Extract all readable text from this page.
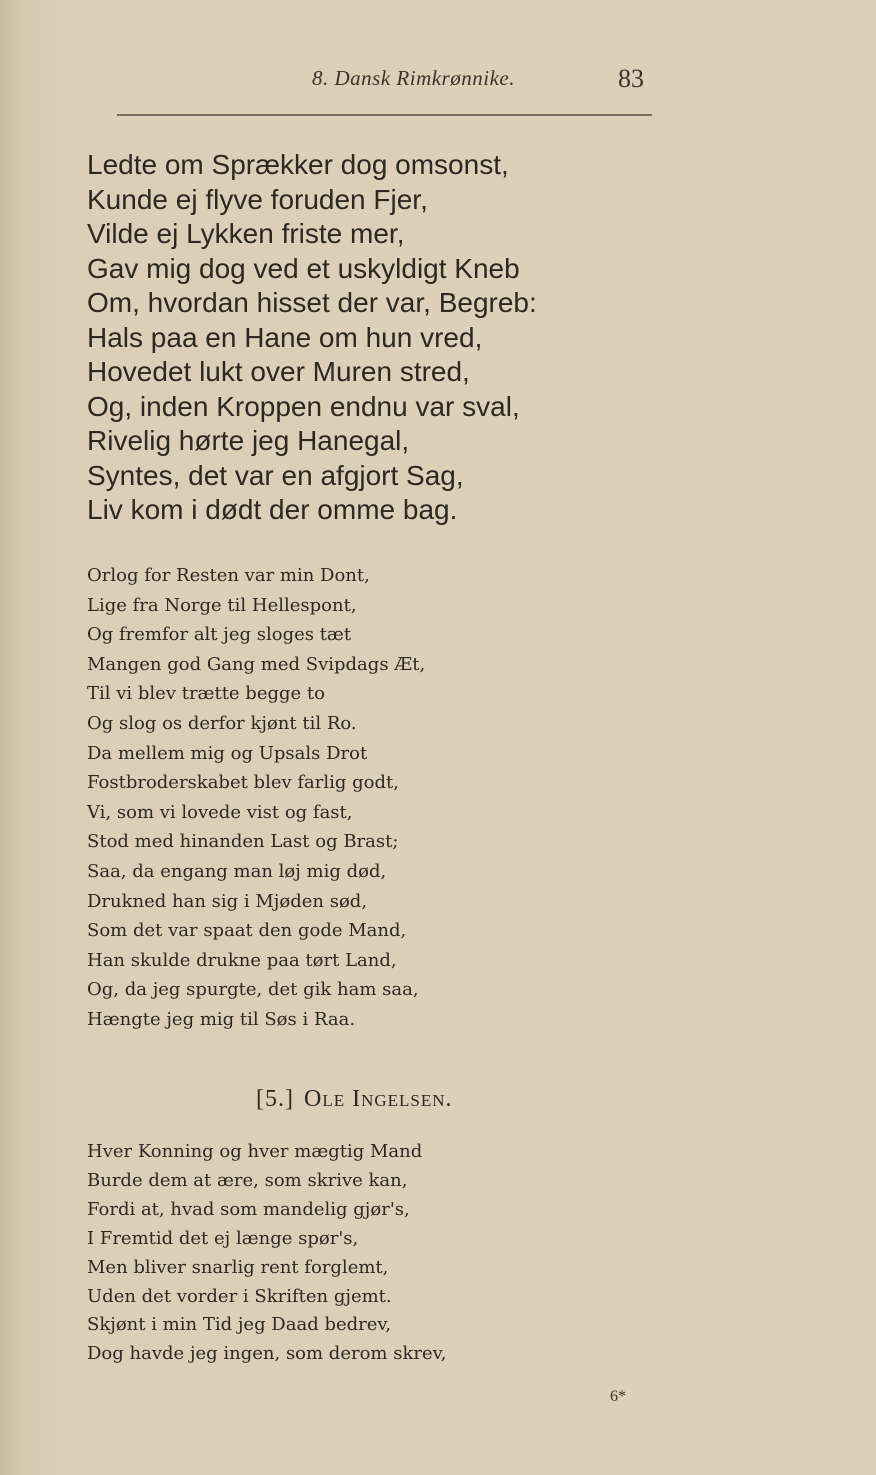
8. Dansk Rimkrønnike.	83
Ledte om Sprækker dog omsonst,
Kunde ej flyve foruden Fjer,
Vilde ej Lykken friste mer,
Gav mig dog ved et uskyldigt Kneb
Om, hvordan hisset der var, Begreb:
Hals paa en Hane om hun vred,
Hovedet lukt over Muren stred,
Og, inden Kroppen endnu var sval,
Rivelig hørte jeg Hanegal,
Syntes, det var en afgjort Sag,
Liv kom i dødt der omme bag.
Orlog for Resten var min Dont,
Lige fra Norge til Hellespont,
Og fremfor alt jeg sloges tæt
Mangen god Gang med Svipdags Æt,
Til vi blev trætte begge to
Og slog os derfor kjønt til Ro.
Da mellem mig og Upsals Drot
Fostbroderskabet blev farlig godt,
Vi, som vi lovede vist og fast,
Stod med hinanden Last og Brast;
Saa, da engang man løj mig død,
Drukned han sig i Mjøden sød,
Som det var spaat den gode Mand,
Han skulde drukne paa tørt Land,
Og, da jeg spurgte, det gik ham saa,
Hængte jeg mig til Søs i Raa.
[5.] Ole Ingelsen.
Hver Konning og hver mægtig Mand
Burde dem at ære, som skrive kan,
Fordi at, hvad som mandelig gjør's,
I Fremtid det ej længe spør's,
Men bliver snarlig rent forglemt,
Uden det vorder i Skriften gjemt.
Skjønt i min Tid jeg Daad bedrev,
Dog havde jeg ingen, som derom skrev,
6*
